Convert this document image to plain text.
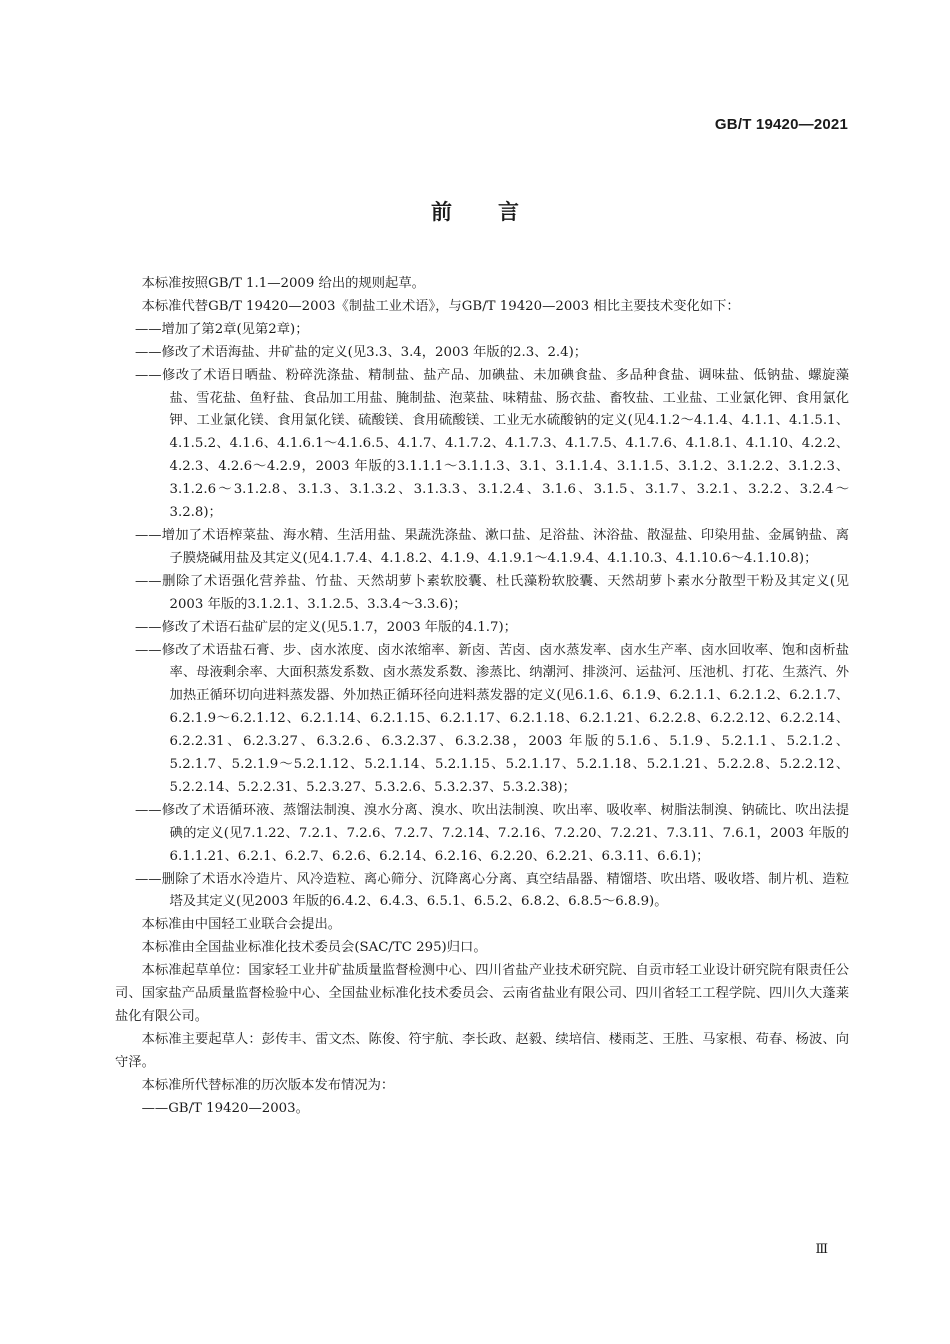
GB/T 19420—2021
前言

本标准按照GB/T 1.1—2009 给出的规则起草。

本标准代替GB/T 19420—2003《制盐工业术语》，与GB/T 19420—2003 相比主要技术变化如下：

——增加了第2章(见第2章)；

——修改了术语海盐、井矿盐的定义(见3.3、3.4，2003 年版的2.3、2.4)；

——修改了术语日晒盐、粉碎洗涤盐、精制盐、盐产品、加碘盐、未加碘食盐、多品种食盐、调味盐、低钠盐、螺旋藻盐、雪花盐、鱼籽盐、食品加工用盐、腌制盐、泡菜盐、味精盐、肠衣盐、畜牧盐、工业盐、工业氯化钾、食用氯化钾、工业氯化镁、食用氯化镁、硫酸镁、食用硫酸镁、工业无水硫酸钠的定义(见4.1.2～4.1.4、4.1.1、4.1.5.1、4.1.5.2、4.1.6、4.1.6.1～4.1.6.5、4.1.7、4.1.7.2、4.1.7.3、4.1.7.5、4.1.7.6、4.1.8.1、4.1.10、4.2.2、4.2.3、4.2.6～4.2.9，2003 年版的3.1.1.1～3.1.1.3、3.1、3.1.1.4、3.1.1.5、3.1.2、3.1.2.2、3.1.2.3、3.1.2.6～3.1.2.8、3.1.3、3.1.3.2、3.1.3.3、3.1.2.4、3.1.6、3.1.5、3.1.7、3.2.1、3.2.2、3.2.4～3.2.8)；

——增加了术语榨菜盐、海水精、生活用盐、果蔬洗涤盐、漱口盐、足浴盐、沐浴盐、散湿盐、印染用盐、金属钠盐、离子膜烧碱用盐及其定义(见4.1.7.4、4.1.8.2、4.1.9、4.1.9.1～4.1.9.4、4.1.10.3、4.1.10.6～4.1.10.8)；

——删除了术语强化营养盐、竹盐、天然胡萝卜素软胶囊、杜氏藻粉软胶囊、天然胡萝卜素水分散型干粉及其定义(见2003 年版的3.1.2.1、3.1.2.5、3.3.4～3.3.6)；

——修改了术语石盐矿层的定义(见5.1.7，2003 年版的4.1.7)；

——修改了术语盐石膏、步、卤水浓度、卤水浓缩率、新卤、苦卤、卤水蒸发率、卤水生产率、卤水回收率、饱和卤析盐率、母液剩余率、大面积蒸发系数、卤水蒸发系数、渗蒸比、纳潮河、排淡河、运盐河、压池机、打花、生蒸汽、外加热正循环切向进料蒸发器、外加热正循环径向进料蒸发器的定义(见6.1.6、6.1.9、6.2.1.1、6.2.1.2、6.2.1.7、6.2.1.9～6.2.1.12、6.2.1.14、6.2.1.15、6.2.1.17、6.2.1.18、6.2.1.21、6.2.2.8、6.2.2.12、6.2.2.14、6.2.2.31、6.2.3.27、6.3.2.6、6.3.2.37、6.3.2.38，2003 年版的5.1.6、5.1.9、5.2.1.1、5.2.1.2、5.2.1.7、5.2.1.9～5.2.1.12、5.2.1.14、5.2.1.15、5.2.1.17、5.2.1.18、5.2.1.21、5.2.2.8、5.2.2.12、5.2.2.14、5.2.2.31、5.2.3.27、5.3.2.6、5.3.2.37、5.3.2.38)；

——修改了术语循环液、蒸馏法制溴、溴水分离、溴水、吹出法制溴、吹出率、吸收率、树脂法制溴、钠硫比、吹出法提碘的定义(见7.1.22、7.2.1、7.2.6、7.2.7、7.2.14、7.2.16、7.2.20、7.2.21、7.3.11、7.6.1，2003 年版的6.1.1.21、6.2.1、6.2.7、6.2.6、6.2.14、6.2.16、6.2.20、6.2.21、6.3.11、6.6.1)；

——删除了术语水冷造片、风冷造粒、离心筛分、沉降离心分离、真空结晶器、精馏塔、吹出塔、吸收塔、制片机、造粒塔及其定义(见2003 年版的6.4.2、6.4.3、6.5.1、6.5.2、6.8.2、6.8.5～6.8.9)。

本标准由中国轻工业联合会提出。

本标准由全国盐业标准化技术委员会(SAC/TC 295)归口。

本标准起草单位：国家轻工业井矿盐质量监督检测中心、四川省盐产业技术研究院、自贡市轻工业设计研究院有限责任公司、国家盐产品质量监督检验中心、全国盐业标准化技术委员会、云南省盐业有限公司、四川省轻工工程学院、四川久大蓬莱盐化有限公司。

本标准主要起草人：彭传丰、雷文杰、陈俊、符宇航、李长政、赵毅、续培信、楼雨芝、王胜、马家根、苟春、杨波、向守泽。

本标准所代替标准的历次版本发布情况为：

——GB/T 19420—2003。

Ⅲ
